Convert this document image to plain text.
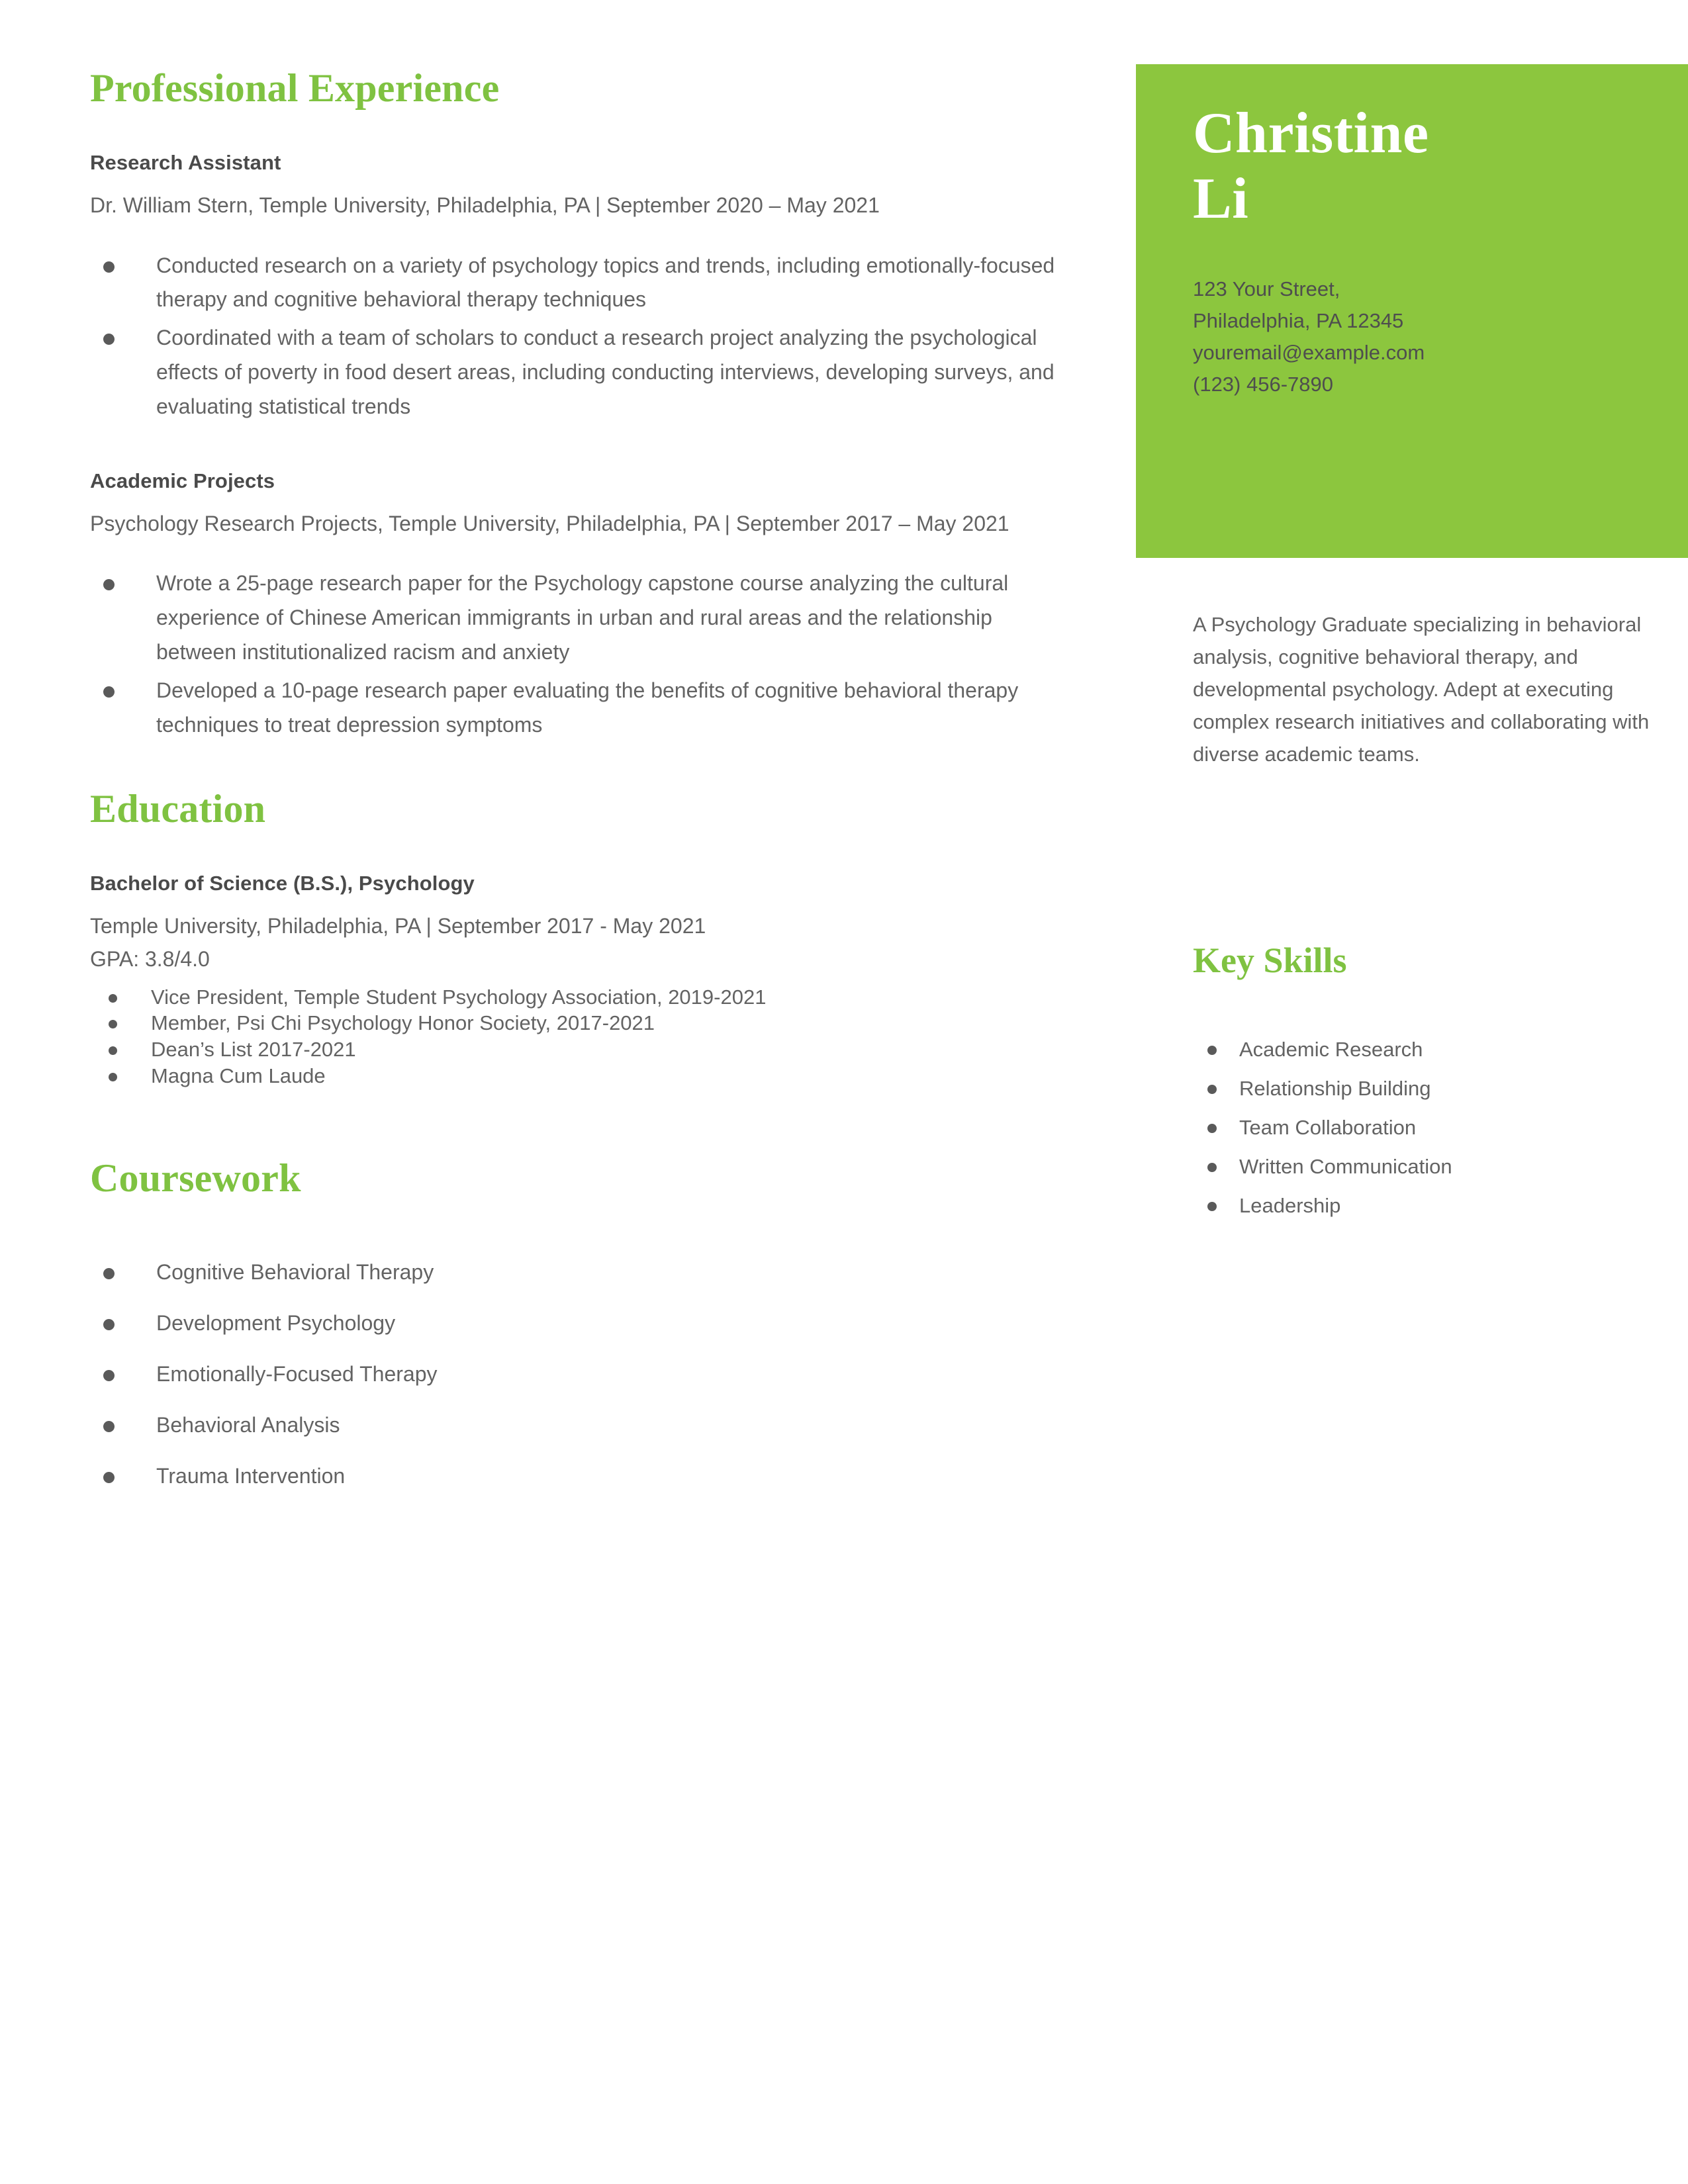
Professional Experience
Research Assistant

Dr. William Stern, Temple University, Philadelphia, PA | September 2020 – May 2021

Conducted research on a variety of psychology topics and trends, including emotionally-focused therapy and cognitive behavioral therapy techniques
Coordinated with a team of scholars to conduct a research project analyzing the psychological effects of poverty in food desert areas, including conducting interviews, developing surveys, and evaluating statistical trends
Academic Projects

Psychology Research Projects, Temple University, Philadelphia, PA | September 2017 – May 2021

Wrote a 25-page research paper for the Psychology capstone course analyzing the cultural experience of Chinese American immigrants in urban and rural areas and the relationship between institutionalized racism and anxiety
Developed a 10-page research paper evaluating the benefits of cognitive behavioral therapy techniques to treat depression symptoms
Education
Bachelor of Science (B.S.), Psychology

Temple University, Philadelphia, PA | September 2017 - May 2021

GPA: 3.8/4.0

Vice President, Temple Student Psychology Association, 2019-2021
Member, Psi Chi Psychology Honor Society, 2017-2021
Dean’s List 2017-2021
Magna Cum Laude
Coursework
Cognitive Behavioral Therapy
Development Psychology
Emotionally-Focused Therapy
Behavioral Analysis
Trauma Intervention
Christine
Li
123 Your Street,
Philadelphia, PA 12345
youremail@example.com
(123) 456-7890

A Psychology Graduate specializing in behavioral analysis, cognitive behavioral therapy, and developmental psychology. Adept at executing complex research initiatives and collaborating with diverse academic teams.

Key Skills
Academic Research
Relationship Building
Team Collaboration
Written Communication
Leadership
